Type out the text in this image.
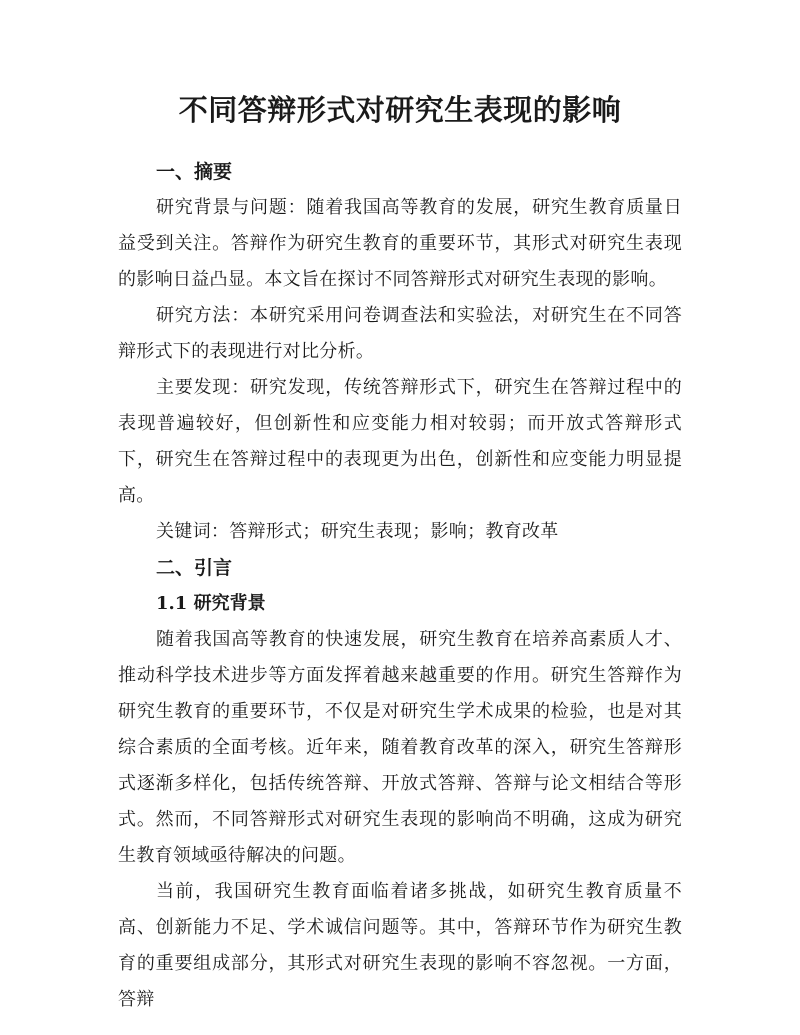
不同答辩形式对研究生表现的影响
一、摘要

研究背景与问题：随着我国高等教育的发展，研究生教育质量日益受到关注。答辩作为研究生教育的重要环节，其形式对研究生表现的影响日益凸显。本文旨在探讨不同答辩形式对研究生表现的影响。

研究方法：本研究采用问卷调查法和实验法，对研究生在不同答辩形式下的表现进行对比分析。

主要发现：研究发现，传统答辩形式下，研究生在答辩过程中的表现普遍较好，但创新性和应变能力相对较弱；而开放式答辩形式下，研究生在答辩过程中的表现更为出色，创新性和应变能力明显提高。

关键词：答辩形式；研究生表现；影响；教育改革

二、引言
1.1 研究背景

随着我国高等教育的快速发展，研究生教育在培养高素质人才、推动科学技术进步等方面发挥着越来越重要的作用。研究生答辩作为研究生教育的重要环节，不仅是对研究生学术成果的检验，也是对其综合素质的全面考核。近年来，随着教育改革的深入，研究生答辩形式逐渐多样化，包括传统答辩、开放式答辩、答辩与论文相结合等形式。然而，不同答辩形式对研究生表现的影响尚不明确，这成为研究生教育领域亟待解决的问题。

当前，我国研究生教育面临着诸多挑战，如研究生教育质量不高、创新能力不足、学术诚信问题等。其中，答辩环节作为研究生教育的重要组成部分，其形式对研究生表现的影响不容忽视。一方面，答辩
